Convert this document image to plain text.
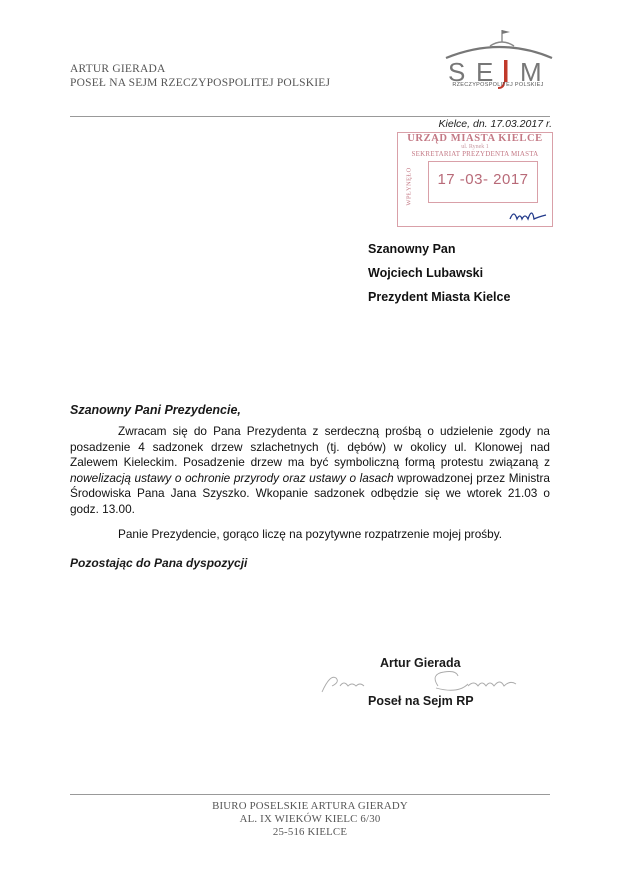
ARTUR GIERADA
POSEŁ NA SEJM RZECZYPOSPOLITEJ POLSKIEJ	S E M
RZECZYPOSPOLITEJ POLSKIEJ
Kielce, dn. 17.03.2017 r.
URZĄD MIASTA KIELCE
ul. Rynek 1
SEKRETARIAT PREZYDENTA MIASTA
WPŁYNĘŁO	17 -03- 2017
Szanowny Pan
Wojciech Lubawski
Prezydent Miasta Kielce
Szanowny Pani Prezydencie,

Zwracam się do Pana Prezydenta z serdeczną prośbą o udzielenie zgody na posadzenie 4 sadzonek drzew szlachetnych (tj. dębów) w okolicy ul. Klonowej nad Zalewem Kieleckim. Posadzenie drzew ma być symboliczną formą protestu związaną z nowelizacją ustawy o ochronie przyrody oraz ustawy o lasach wprowadzonej przez Ministra Środowiska Pana Jana Szyszko. Wkopanie sadzonek odbędzie się we wtorek 21.03 o godz. 13.00.

Panie Prezydencie, gorąco liczę na pozytywne rozpatrzenie mojej prośby.

Pozostając do Pana dyspozycji
Artur Gierada
Poseł na Sejm RP
BIURO POSELSKIE ARTURA GIERADY
AL. IX WIEKÓW KIELC 6/30
25-516 KIELCE
